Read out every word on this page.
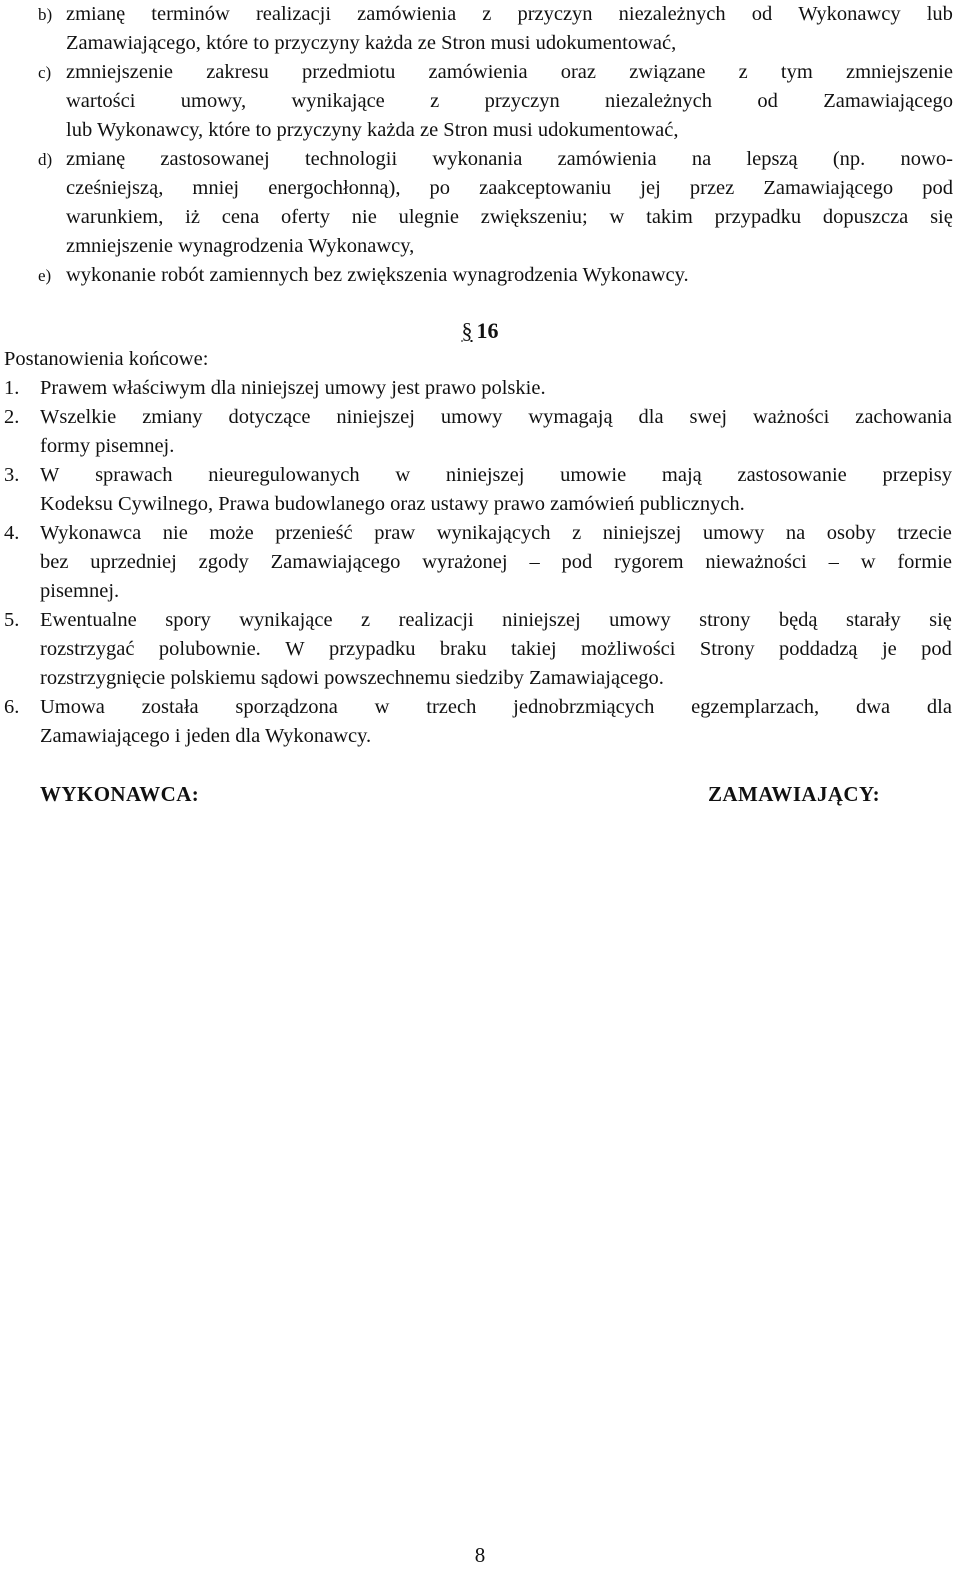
b) zmianę terminów realizacji zamówienia z przyczyn niezależnych od Wykonawcy lub
Zamawiającego, które to przyczyny każda ze Stron musi udokumentować,
c) zmniejszenie zakresu przedmiotu zamówienia oraz związane z tym zmniejszenie
wartości umowy, wynikające z przyczyn niezależnych od Zamawiającego
lub Wykonawcy, które to przyczyny każda ze Stron musi udokumentować,
d) zmianę zastosowanej technologii wykonania zamówienia na lepszą (np. nowo-
cześniejszą, mniej energochłonną), po zaakceptowaniu jej przez Zamawiającego pod
warunkiem, iż cena oferty nie ulegnie zwiększeniu; w takim przypadku dopuszcza się
zmniejszenie wynagrodzenia Wykonawcy,
e) wykonanie robót zamiennych bez zwiększenia wynagrodzenia Wykonawcy.
§ 16
Postanowienia końcowe:
1. Prawem właściwym dla niniejszej umowy jest prawo polskie.
2. Wszelkie zmiany dotyczące niniejszej umowy wymagają dla swej ważności zachowania
formy pisemnej.
3. W sprawach nieuregulowanych w niniejszej umowie mają zastosowanie przepisy
Kodeksu Cywilnego, Prawa budowlanego oraz ustawy prawo zamówień publicznych.
4. Wykonawca nie może przenieść praw wynikających z niniejszej umowy na osoby trzecie
bez uprzedniej zgody Zamawiającego wyrażonej – pod rygorem nieważności – w formie
pisemnej.
5. Ewentualne spory wynikające z realizacji niniejszej umowy strony będą starały się
rozstrzygać polubownie. W przypadku braku takiej możliwości Strony poddadzą je pod
rozstrzygnięcie polskiemu sądowi powszechnemu siedziby Zamawiającego.
6. Umowa została sporządzona w trzech jednobrzmiących egzemplarzach, dwa dla
Zamawiającego i jeden dla Wykonawcy.
WYKONAWCA:	ZAMAWIAJĄCY:
8
